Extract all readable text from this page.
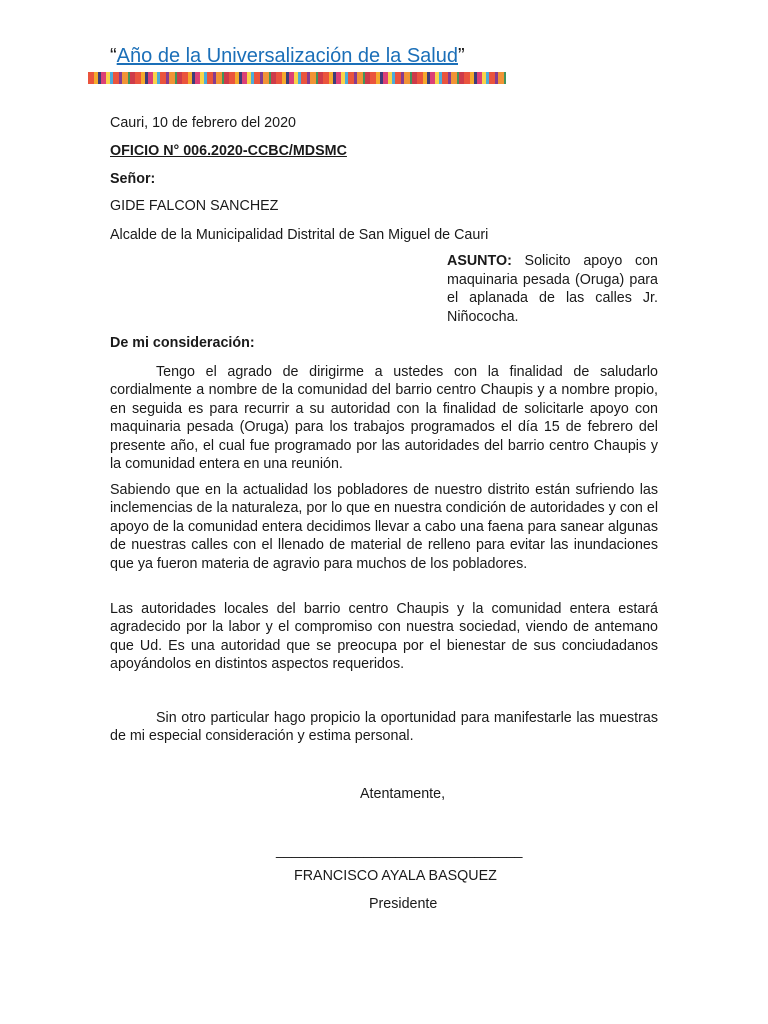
“Año de la Universalización de la Salud”
Cauri, 10 de febrero del 2020
OFICIO N° 006.2020-CCBC/MDSMC
Señor:
GIDE FALCON SANCHEZ
Alcalde de la Municipalidad Distrital de San Miguel de Cauri
ASUNTO: Solicito apoyo con maquinaria pesada (Oruga) para el aplanada de las calles Jr. Niñococha.
De mi consideración:
Tengo el agrado de dirigirme a ustedes con la finalidad de saludarlo cordialmente a nombre de la comunidad del barrio centro Chaupis y a nombre propio, en seguida es para recurrir a su autoridad con la finalidad de solicitarle apoyo con maquinaria pesada (Oruga) para los trabajos programados el día 15 de febrero del presente año, el cual fue programado por las autoridades del barrio centro Chaupis y la comunidad entera en una reunión.
Sabiendo que en la actualidad los pobladores de nuestro distrito están sufriendo las inclemencias de la naturaleza, por lo que en nuestra condición de autoridades y con el apoyo de la comunidad entera decidimos llevar a cabo una faena para sanear algunas de nuestras calles con el llenado de material de relleno para evitar las inundaciones que ya fueron materia de agravio para muchos de los pobladores.
Las autoridades locales del barrio centro Chaupis y la comunidad entera estará agradecido por la labor y el compromiso con nuestra sociedad, viendo de antemano que Ud. Es una autoridad que se preocupa por el bienestar de sus conciudadanos apoyándolos en distintos aspectos requeridos.
Sin otro particular hago propicio la oportunidad para manifestarle las muestras de mi especial consideración y estima personal.
Atentamente,
_______________________________
FRANCISCO AYALA BASQUEZ
Presidente
